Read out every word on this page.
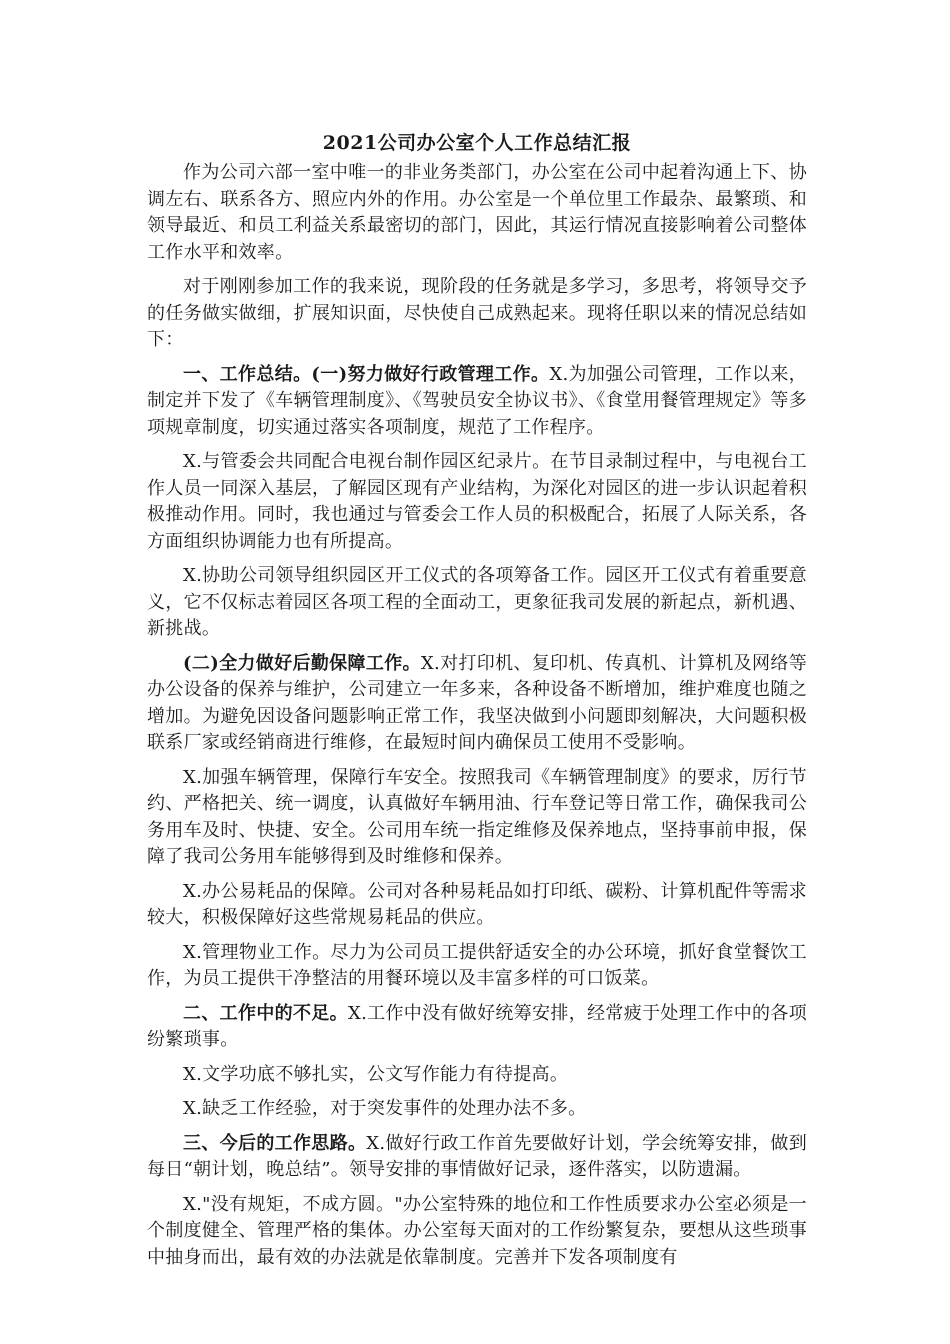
2021公司办公室个人工作总结汇报

作为公司六部一室中唯一的非业务类部门，办公室在公司中起着沟通上下、协调左右、联系各方、照应内外的作用。办公室是一个单位里工作最杂、最繁琐、和领导最近、和员工利益关系最密切的部门，因此，其运行情况直接影响着公司整体工作水平和效率。

对于刚刚参加工作的我来说，现阶段的任务就是多学习，多思考，将领导交予的任务做实做细，扩展知识面，尽快使自己成熟起来。现将任职以来的情况总结如下：

一、工作总结。(一)努力做好行政管理工作。X.为加强公司管理，工作以来，制定并下发了《车辆管理制度》、《驾驶员安全协议书》、《食堂用餐管理规定》等多项规章制度，切实通过落实各项制度，规范了工作程序。

X.与管委会共同配合电视台制作园区纪录片。在节目录制过程中，与电视台工作人员一同深入基层，了解园区现有产业结构，为深化对园区的进一步认识起着积极推动作用。同时，我也通过与管委会工作人员的积极配合，拓展了人际关系，各方面组织协调能力也有所提高。

X.协助公司领导组织园区开工仪式的各项筹备工作。园区开工仪式有着重要意义，它不仅标志着园区各项工程的全面动工，更象征我司发展的新起点，新机遇、新挑战。

(二)全力做好后勤保障工作。X.对打印机、复印机、传真机、计算机及网络等办公设备的保养与维护，公司建立一年多来，各种设备不断增加，维护难度也随之增加。为避免因设备问题影响正常工作，我坚决做到小问题即刻解决，大问题积极联系厂家或经销商进行维修，在最短时间内确保员工使用不受影响。

X.加强车辆管理，保障行车安全。按照我司《车辆管理制度》的要求，厉行节约、严格把关、统一调度，认真做好车辆用油、行车登记等日常工作，确保我司公务用车及时、快捷、安全。公司用车统一指定维修及保养地点，坚持事前申报，保障了我司公务用车能够得到及时维修和保养。

X.办公易耗品的保障。公司对各种易耗品如打印纸、碳粉、计算机配件等需求较大，积极保障好这些常规易耗品的供应。

X.管理物业工作。尽力为公司员工提供舒适安全的办公环境，抓好食堂餐饮工作，为员工提供干净整洁的用餐环境以及丰富多样的可口饭菜。

二、工作中的不足。X.工作中没有做好统筹安排，经常疲于处理工作中的各项纷繁琐事。

X.文学功底不够扎实，公文写作能力有待提高。

X.缺乏工作经验，对于突发事件的处理办法不多。

三、今后的工作思路。X.做好行政工作首先要做好计划，学会统筹安排，做到每日“朝计划，晚总结”。领导安排的事情做好记录，逐件落实，以防遗漏。

X."没有规矩，不成方圆。"办公室特殊的地位和工作性质要求办公室必须是一个制度健全、管理严格的集体。办公室每天面对的工作纷繁复杂，要想从这些琐事中抽身而出，最有效的办法就是依靠制度。完善并下发各项制度有
